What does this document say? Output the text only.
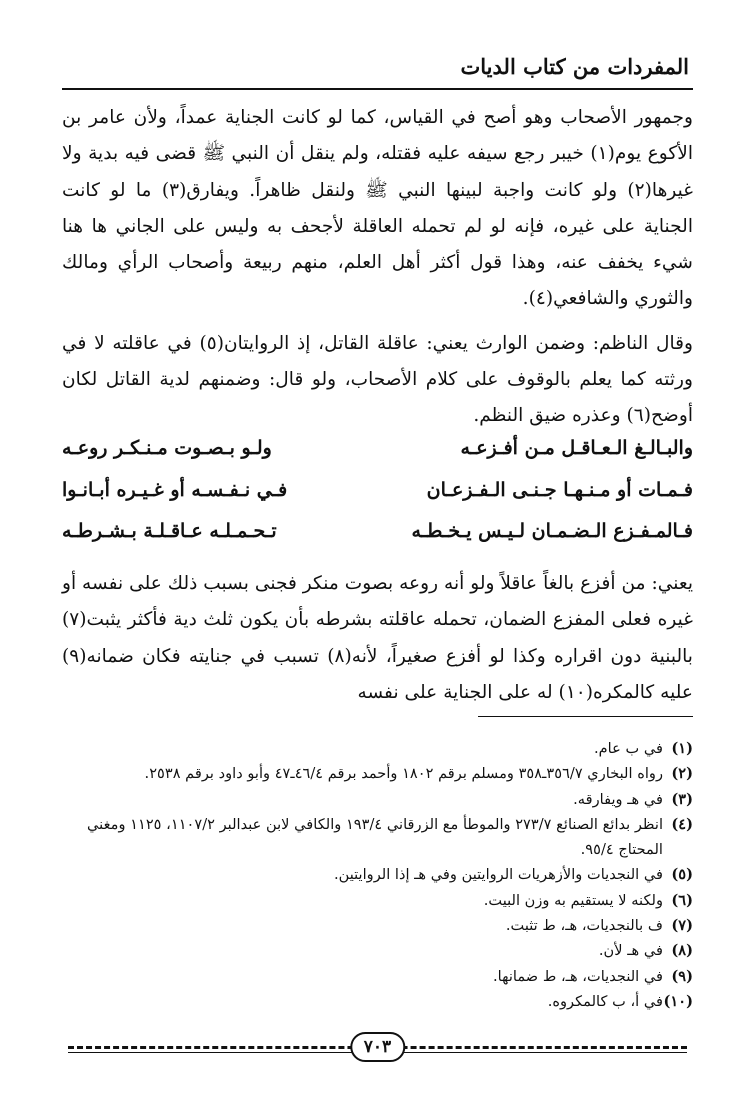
المفردات من كتاب الديات

وجمهور الأصحاب وهو أصح في القياس، كما لو كانت الجناية عمداً، ولأن عامر بن الأكوع يوم(١) خيبر رجع سيفه عليه فقتله، ولم ينقل أن النبي ﷺ قضى فيه بدية ولا غيرها(٢) ولو كانت واجبة لبينها النبي ﷺ ولنقل ظاهراً. ويفارق(٣) ما لو كانت الجناية على غيره، فإنه لو لم تحمله العاقلة لأجحف به وليس على الجاني ها هنا شيء يخفف عنه، وهذا قول أكثر أهل العلم، منهم ربيعة وأصحاب الرأي ومالك والثوري والشافعي(٤).

وقال الناظم: وضمن الوارث يعني: عاقلة القاتل، إذ الروايتان(٥) في عاقلته لا في ورثته كما يعلم بالوقوف على كلام الأصحاب، ولو قال: وضمنهم لدية القاتل لكان أوضح(٦) وعذره ضيق النظم.

والبـالـغ الـعـاقـل مـن أفـزعـه
ولـو بـصـوت مـنـكـر روعـه
فـمـات أو مـنـهـا جـنـى الـفـزعـان
فـي نـفـسـه أو غـيـره أبـانـوا
فـالمـفـزع الـضـمـان لـيـس يـخـطـه
تـحـمـلـه عـاقـلـة بـشـرطـه

يعني: من أفزع بالغاً عاقلاً ولو أنه روعه بصوت منكر فجنى بسبب ذلك على نفسه أو غيره فعلى المفزع الضمان، تحمله عاقلته بشرطه بأن يكون ثلث دية فأكثر يثبت(٧) بالبنية دون اقراره وكذا لو أفزع صغيراً، لأنه(٨) تسبب في جنايته فكان ضمانه(٩) عليه كالمكره(١٠) له على الجناية على نفسه

(١)
في ب عام.
(٢)
رواه البخاري ٣٥٦/٧ـ٣٥٨ ومسلم برقم ١٨٠٢ وأحمد برقم ٤٦/٤ـ٤٧ وأبو داود برقم ٢٥٣٨.
(٣)
في هـ ويفارقه.
(٤)
انظر بدائع الصنائع ٢٧٣/٧ والموطأ مع الزرقاني ١٩٣/٤ والكافي لابن عبدالبر ١١٠٧/٢، ١١٢٥ ومغني المحتاج ٩٥/٤.
(٥)
في النجديات والأزهريات الروايتين وفي هـ إذا الروايتين.
(٦)
ولكنه لا يستقيم به وزن البيت.
(٧)
ف بالنجديات، هـ، ط تثبت.
(٨)
في هـ لأن.
(٩)
في النجديات، هـ، ط ضمانها.
(١٠)
في أ، ب كالمكروه.
٧٠٣
